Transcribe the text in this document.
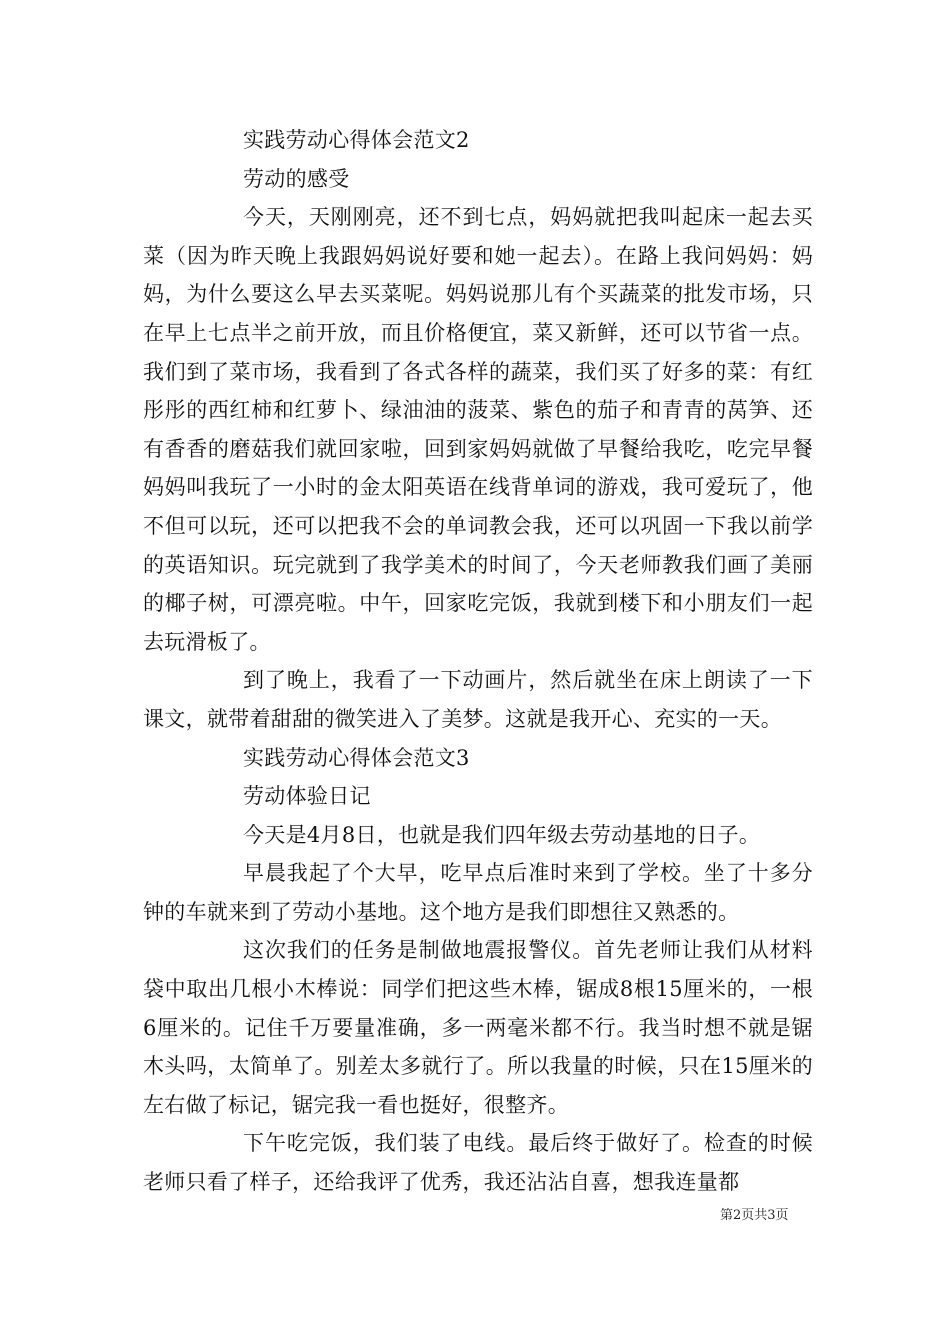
实践劳动心得体会范文2

劳动的感受

今天，天刚刚亮，还不到七点，妈妈就把我叫起床一起去买菜（因为昨天晚上我跟妈妈说好要和她一起去）。在路上我问妈妈：妈妈，为什么要这么早去买菜呢。妈妈说那儿有个买蔬菜的批发市场，只在早上七点半之前开放，而且价格便宜，菜又新鲜，还可以节省一点。我们到了菜市场，我看到了各式各样的蔬菜，我们买了好多的菜：有红彤彤的西红柿和红萝卜、绿油油的菠菜、紫色的茄子和青青的莴笋、还有香香的磨菇我们就回家啦，回到家妈妈就做了早餐给我吃，吃完早餐妈妈叫我玩了一小时的金太阳英语在线背单词的游戏，我可爱玩了，他不但可以玩，还可以把我不会的单词教会我，还可以巩固一下我以前学的英语知识。玩完就到了我学美术的时间了，今天老师教我们画了美丽的椰子树，可漂亮啦。中午，回家吃完饭，我就到楼下和小朋友们一起去玩滑板了。

到了晚上，我看了一下动画片，然后就坐在床上朗读了一下课文，就带着甜甜的微笑进入了美梦。这就是我开心、充实的一天。

实践劳动心得体会范文3

劳动体验日记

今天是4月8日，也就是我们四年级去劳动基地的日子。

早晨我起了个大早，吃早点后准时来到了学校。坐了十多分钟的车就来到了劳动小基地。这个地方是我们即想往又熟悉的。

这次我们的任务是制做地震报警仪。首先老师让我们从材料袋中取出几根小木棒说：同学们把这些木棒，锯成8根15厘米的，一根6厘米的。记住千万要量准确，多一两毫米都不行。我当时想不就是锯木头吗，太简单了。别差太多就行了。所以我量的时候，只在15厘米的左右做了标记，锯完我一看也挺好，很整齐。

下午吃完饭，我们装了电线。最后终于做好了。检查的时候老师只看了样子，还给我评了优秀，我还沾沾自喜，想我连量都

第2页共3页
